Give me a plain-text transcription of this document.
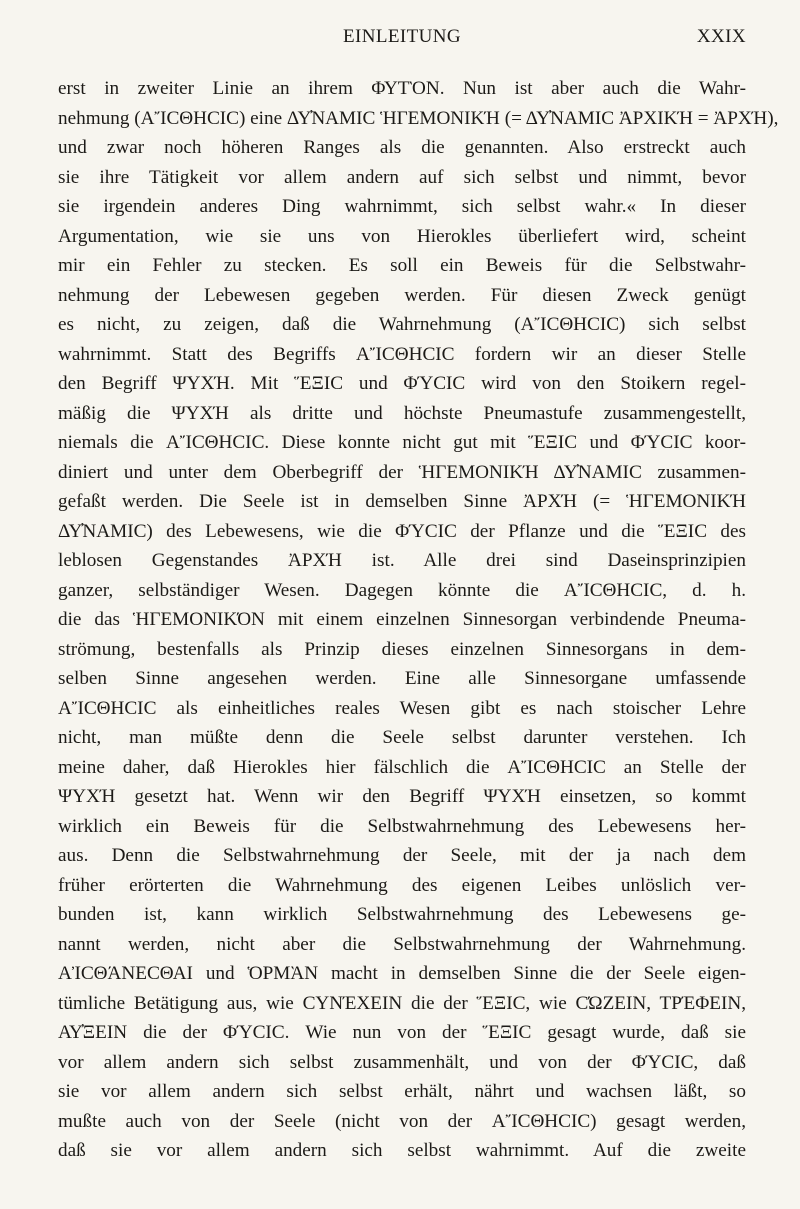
EINLEITUNG	XXIX
erst in zweiter Linie an ihrem ΦΥΤῸΝ. Nun ist aber auch die Wahr-
nehmung (ΑἼϹΘΗϹΙϹ) eine ΔΥ̓ΝΑΜΙϹ ἩΓΕΜΟΝΙΚΉ (= ΔΥ̓ΝΑΜΙϹ ἈΡΧΙΚΉ = ἈΡΧΉ),
und zwar noch höheren Ranges als die genannten. Also erstreckt auch
sie ihre Tätigkeit vor allem andern auf sich selbst und nimmt, bevor
sie irgendein anderes Ding wahrnimmt, sich selbst wahr.« In dieser
Argumentation, wie sie uns von Hierokles überliefert wird, scheint
mir ein Fehler zu stecken. Es soll ein Beweis für die Selbstwahr-
nehmung der Lebewesen gegeben werden. Für diesen Zweck genügt
es nicht, zu zeigen, daß die Wahrnehmung (ΑἼϹΘΗϹΙϹ) sich selbst
wahrnimmt. Statt des Begriffs ΑἼϹΘΗϹΙϹ fordern wir an dieser Stelle
den Begriff ΨΥΧΉ. Mit ἝΞΙϹ und ΦΎϹΙϹ wird von den Stoikern regel-
mäßig die ΨΥΧΉ als dritte und höchste Pneumastufe zusammengestellt,
niemals die ΑἼϹΘΗϹΙϹ. Diese konnte nicht gut mit ἝΞΙϹ und ΦΎϹΙϹ koor-
diniert und unter dem Oberbegriff der ἩΓΕΜΟΝΙΚΉ ΔΥ̓ΝΑΜΙϹ zusammen-
gefaßt werden. Die Seele ist in demselben Sinne ἈΡΧΉ (= ἩΓΕΜΟΝΙΚΉ
ΔΥ̓ΝΑΜΙϹ) des Lebewesens, wie die ΦΎϹΙϹ der Pflanze und die ἝΞΙϹ des
leblosen Gegenstandes ἈΡΧΉ ist. Alle drei sind Daseinsprinzipien
ganzer, selbständiger Wesen. Dagegen könnte die ΑἼϹΘΗϹΙϹ, d. h.
die das ἩΓΕΜΟΝΙΚΌΝ mit einem einzelnen Sinnesorgan verbindende Pneuma-
strömung, bestenfalls als Prinzip dieses einzelnen Sinnesorgans in dem-
selben Sinne angesehen werden. Eine alle Sinnesorgane umfassende
ΑἼϹΘΗϹΙϹ als einheitliches reales Wesen gibt es nach stoischer Lehre
nicht, man müßte denn die Seele selbst darunter verstehen. Ich
meine daher, daß Hierokles hier fälschlich die ΑἼϹΘΗϹΙϹ an Stelle der
ΨΥΧΉ gesetzt hat. Wenn wir den Begriff ΨΥΧΉ einsetzen, so kommt
wirklich ein Beweis für die Selbstwahrnehmung des Lebewesens her-
aus. Denn die Selbstwahrnehmung der Seele, mit der ja nach dem
früher erörterten die Wahrnehmung des eigenen Leibes unlöslich ver-
bunden ist, kann wirklich Selbstwahrnehmung des Lebewesens ge-
nannt werden, nicht aber die Selbstwahrnehmung der Wahrnehmung.
ΑἸϹΘΆΝΕϹΘΑΙ und ὉΡΜᾺΝ macht in demselben Sinne die der Seele eigen-
tümliche Betätigung aus, wie ϹΥΝΈΧΕΙΝ die der ἝΞΙϹ, wie ϹΏΖΕΙΝ, ΤΡΈΦΕΙΝ,
ΑΥ̓ΞΕΙΝ die der ΦΎϹΙϹ. Wie nun von der ἝΞΙϹ gesagt wurde, daß sie
vor allem andern sich selbst zusammenhält, und von der ΦΎϹΙϹ, daß
sie vor allem andern sich selbst erhält, nährt und wachsen läßt, so
mußte auch von der Seele (nicht von der ΑἼϹΘΗϹΙϹ) gesagt werden,
daß sie vor allem andern sich selbst wahrnimmt. Auf die zweite
